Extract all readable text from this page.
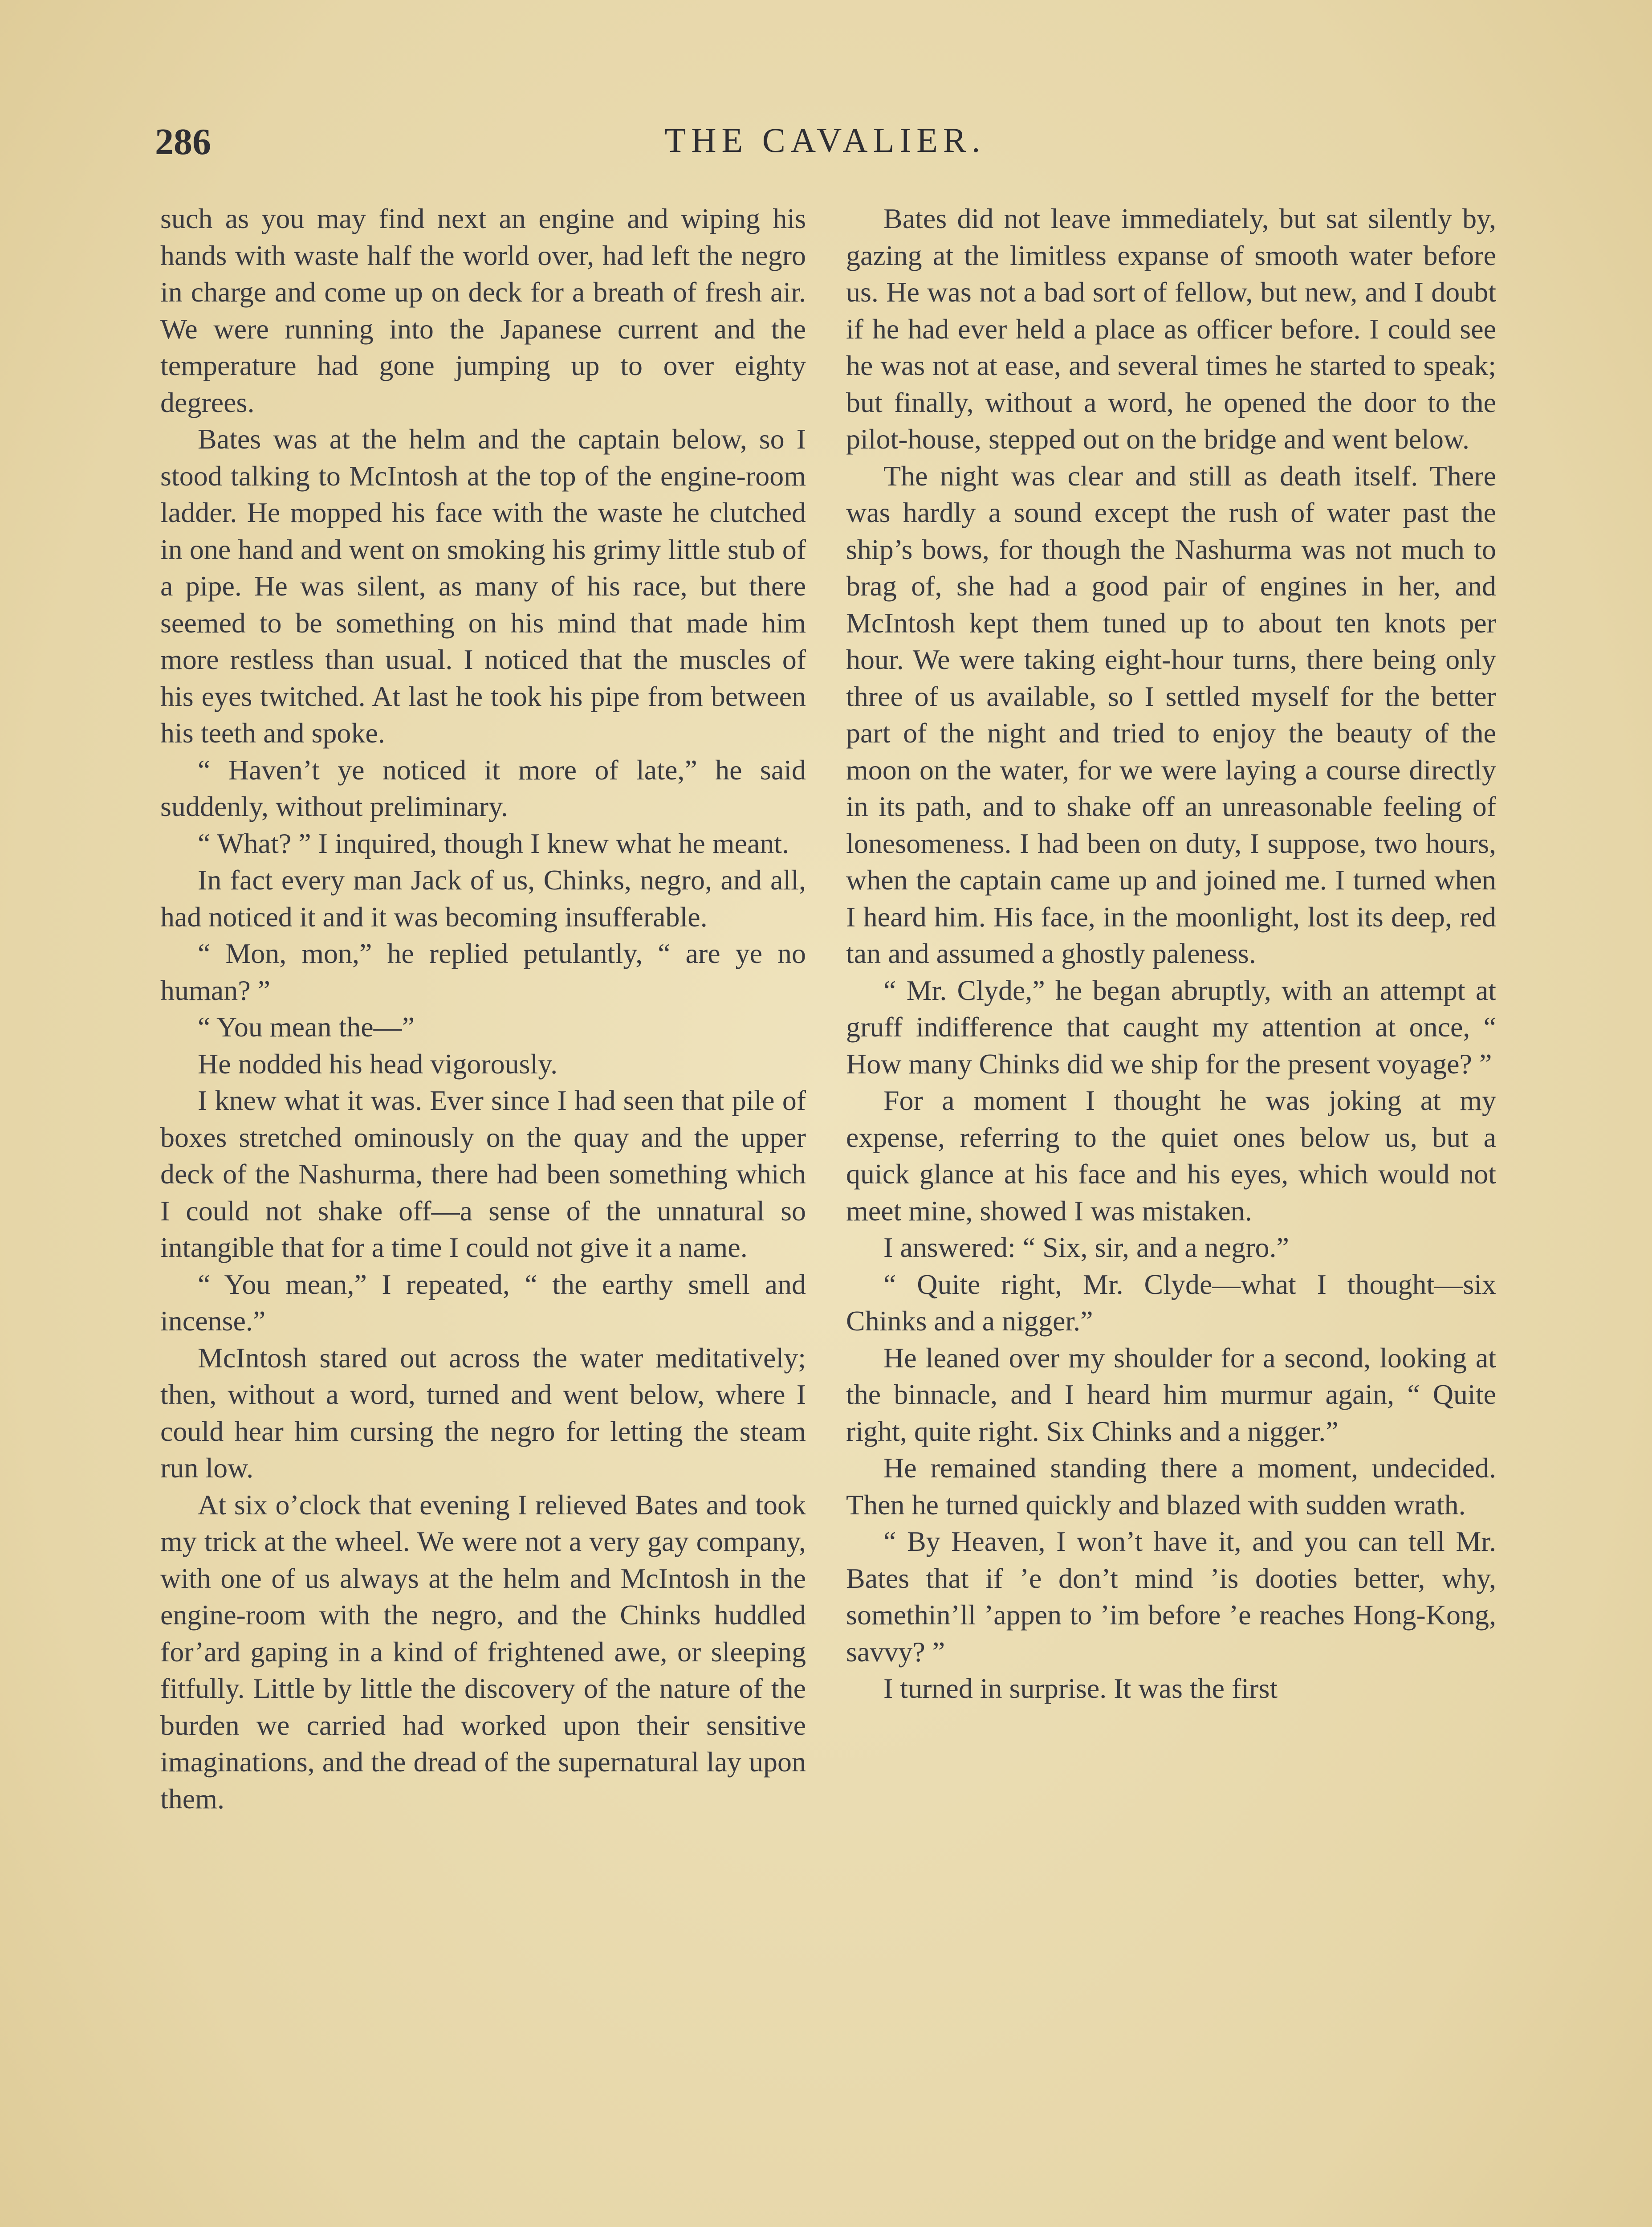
286	THE CAVALIER.

such as you may find next an engine and wiping his hands with waste half the world over, had left the negro in charge and come up on deck for a breath of fresh air. We were running into the Japanese current and the temperature had gone jumping up to over eighty degrees.

Bates was at the helm and the captain below, so I stood talking to McIntosh at the top of the engine-room ladder. He mopped his face with the waste he clutched in one hand and went on smoking his grimy little stub of a pipe. He was silent, as many of his race, but there seemed to be something on his mind that made him more restless than usual. I noticed that the muscles of his eyes twitched. At last he took his pipe from between his teeth and spoke.

“ Haven’t ye noticed it more of late,” he said suddenly, without preliminary.

“ What? ” I inquired, though I knew what he meant.

In fact every man Jack of us, Chinks, negro, and all, had noticed it and it was becoming insufferable.

“ Mon, mon,” he replied petulantly, “ are ye no human? ”

“ You mean the—”

He nodded his head vigorously.

I knew what it was. Ever since I had seen that pile of boxes stretched ominously on the quay and the upper deck of the Nashurma, there had been something which I could not shake off—a sense of the unnatural so intangible that for a time I could not give it a name.

“ You mean,” I repeated, “ the earthy smell and incense.”

McIntosh stared out across the water meditatively; then, without a word, turned and went below, where I could hear him cursing the negro for letting the steam run low.

At six o’clock that evening I relieved Bates and took my trick at the wheel. We were not a very gay company, with one of us always at the helm and McIntosh in the engine-room with the negro, and the Chinks huddled for’ard gaping in a kind of frightened awe, or sleeping fitfully. Little by little the discovery of the nature of the burden we carried had worked upon their sensitive imaginations, and the dread of the supernatural lay upon them.

Bates did not leave immediately, but sat silently by, gazing at the limitless expanse of smooth water before us. He was not a bad sort of fellow, but new, and I doubt if he had ever held a place as officer before. I could see he was not at ease, and several times he started to speak; but finally, without a word, he opened the door to the pilot-house, stepped out on the bridge and went below.

The night was clear and still as death itself. There was hardly a sound except the rush of water past the ship’s bows, for though the Nashurma was not much to brag of, she had a good pair of engines in her, and McIntosh kept them tuned up to about ten knots per hour. We were taking eight-hour turns, there being only three of us available, so I settled myself for the better part of the night and tried to enjoy the beauty of the moon on the water, for we were laying a course directly in its path, and to shake off an unreasonable feeling of lonesomeness. I had been on duty, I suppose, two hours, when the captain came up and joined me. I turned when I heard him. His face, in the moonlight, lost its deep, red tan and assumed a ghostly paleness.

“ Mr. Clyde,” he began abruptly, with an attempt at gruff indifference that caught my attention at once, “ How many Chinks did we ship for the present voyage? ”

For a moment I thought he was joking at my expense, referring to the quiet ones below us, but a quick glance at his face and his eyes, which would not meet mine, showed I was mistaken.

I answered: “ Six, sir, and a negro.”

“ Quite right, Mr. Clyde—what I thought—six Chinks and a nigger.”

He leaned over my shoulder for a second, looking at the binnacle, and I heard him murmur again, “ Quite right, quite right. Six Chinks and a nigger.”

He remained standing there a moment, undecided. Then he turned quickly and blazed with sudden wrath.

“ By Heaven, I won’t have it, and you can tell Mr. Bates that if ’e don’t mind ’is dooties better, why, somethin’ll ’appen to ’im before ’e reaches Hong-Kong, savvy? ”

I turned in surprise. It was the first
